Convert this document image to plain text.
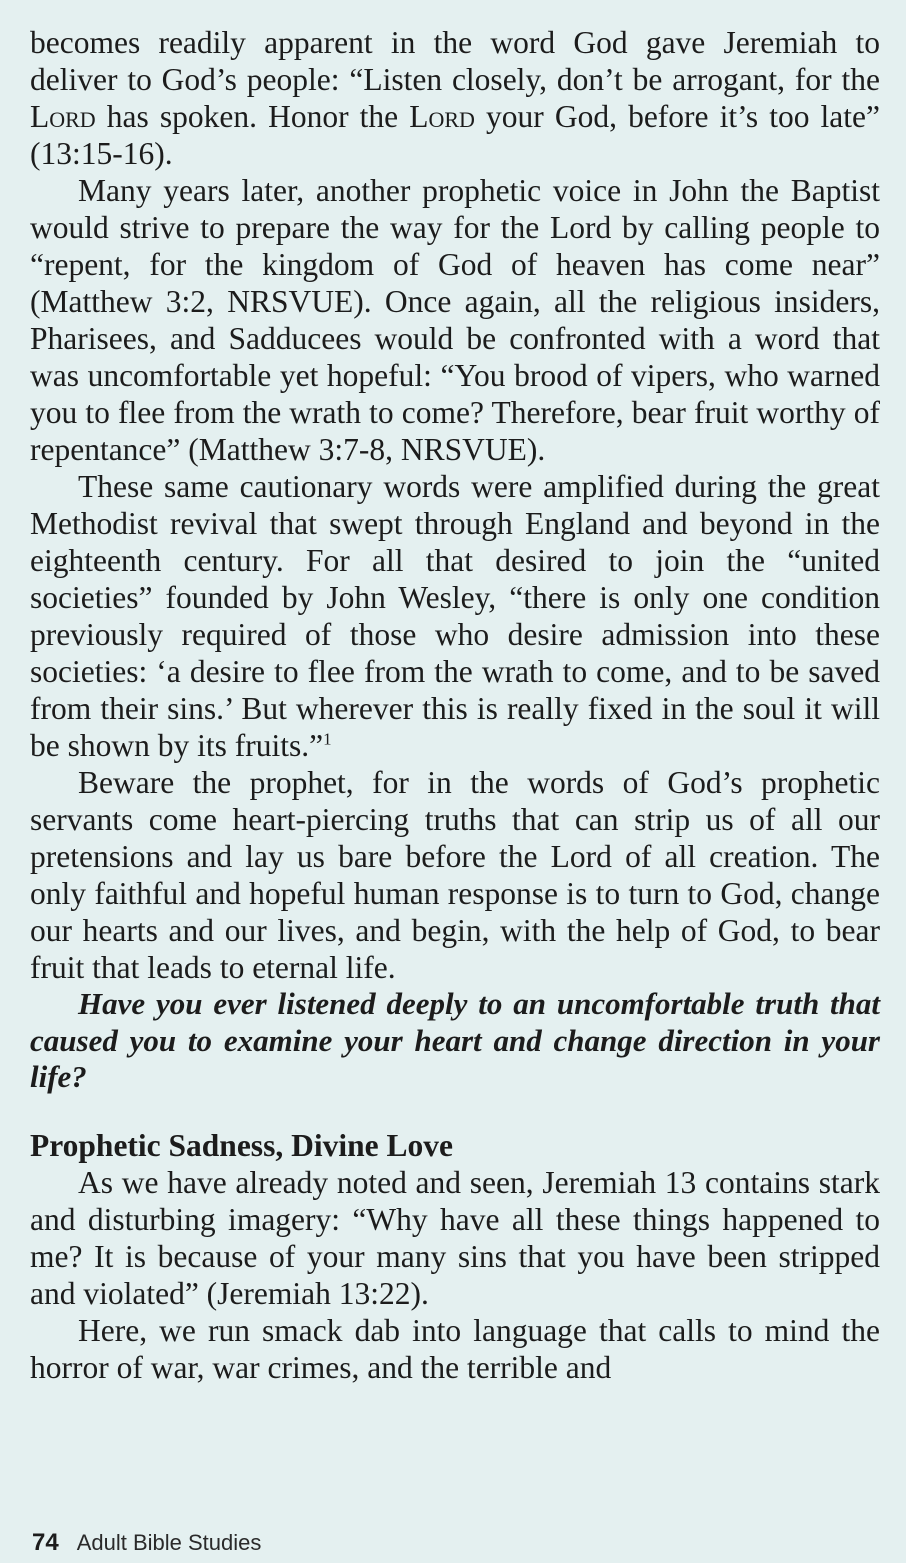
becomes readily apparent in the word God gave Jeremiah to deliver to God’s people: “Listen closely, don’t be arrogant, for the Lord has spoken. Honor the Lord your God, before it’s too late” (13:15-16).

Many years later, another prophetic voice in John the Baptist would strive to prepare the way for the Lord by calling people to “repent, for the kingdom of God of heaven has come near” (Matthew 3:2, NRSVUE). Once again, all the religious insiders, Pharisees, and Sadducees would be confronted with a word that was uncomfortable yet hopeful: “You brood of vipers, who warned you to flee from the wrath to come? Therefore, bear fruit worthy of repentance” (Matthew 3:7-8, NRSVUE).

These same cautionary words were amplified during the great Methodist revival that swept through England and beyond in the eighteenth century. For all that desired to join the “united societies” founded by John Wesley, “there is only one condition previously required of those who desire admission into these societies: ‘a desire to flee from the wrath to come, and to be saved from their sins.’ But wherever this is really fixed in the soul it will be shown by its fruits.”$^1$

Beware the prophet, for in the words of God’s prophetic servants come heart-piercing truths that can strip us of all our pretensions and lay us bare before the Lord of all creation. The only faithful and hopeful human response is to turn to God, change our hearts and our lives, and begin, with the help of God, to bear fruit that leads to eternal life.

Have you ever listened deeply to an uncomfortable truth that caused you to examine your heart and change direction in your life?

Prophetic Sadness, Divine Love

As we have already noted and seen, Jeremiah 13 contains stark and disturbing imagery: “Why have all these things happened to me? It is because of your many sins that you have been stripped and violated” (Jeremiah 13:22).

Here, we run smack dab into language that calls to mind the horror of war, war crimes, and the terrible and

74 Adult Bible Studies
